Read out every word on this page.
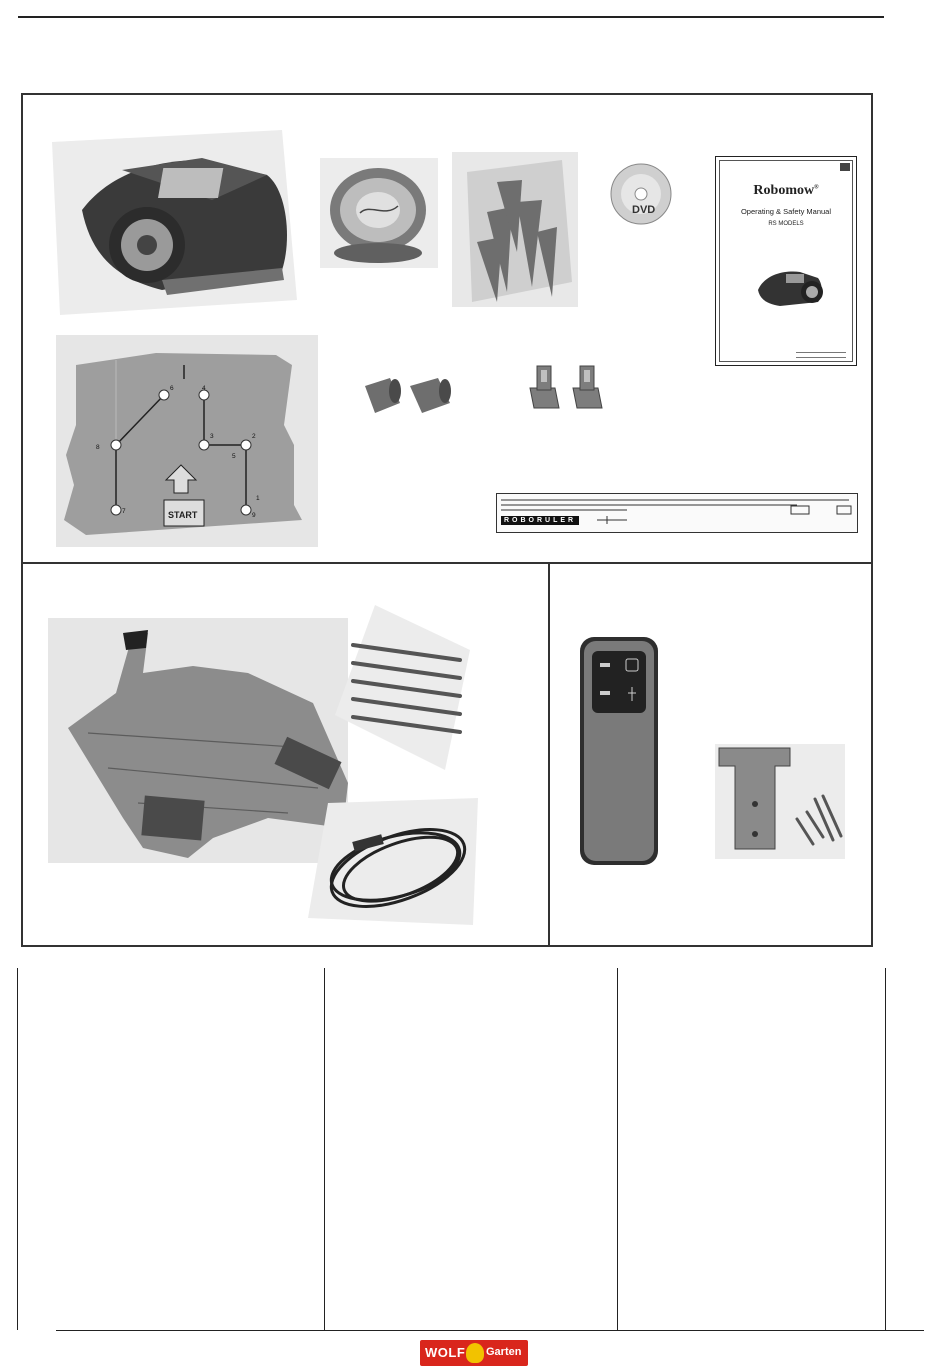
DVD
Robomow®
Operating & Safety Manual
RS MODELS
START
1
2
3
4
5
6
7
8
9
ROBORULER
WOLF Garten
